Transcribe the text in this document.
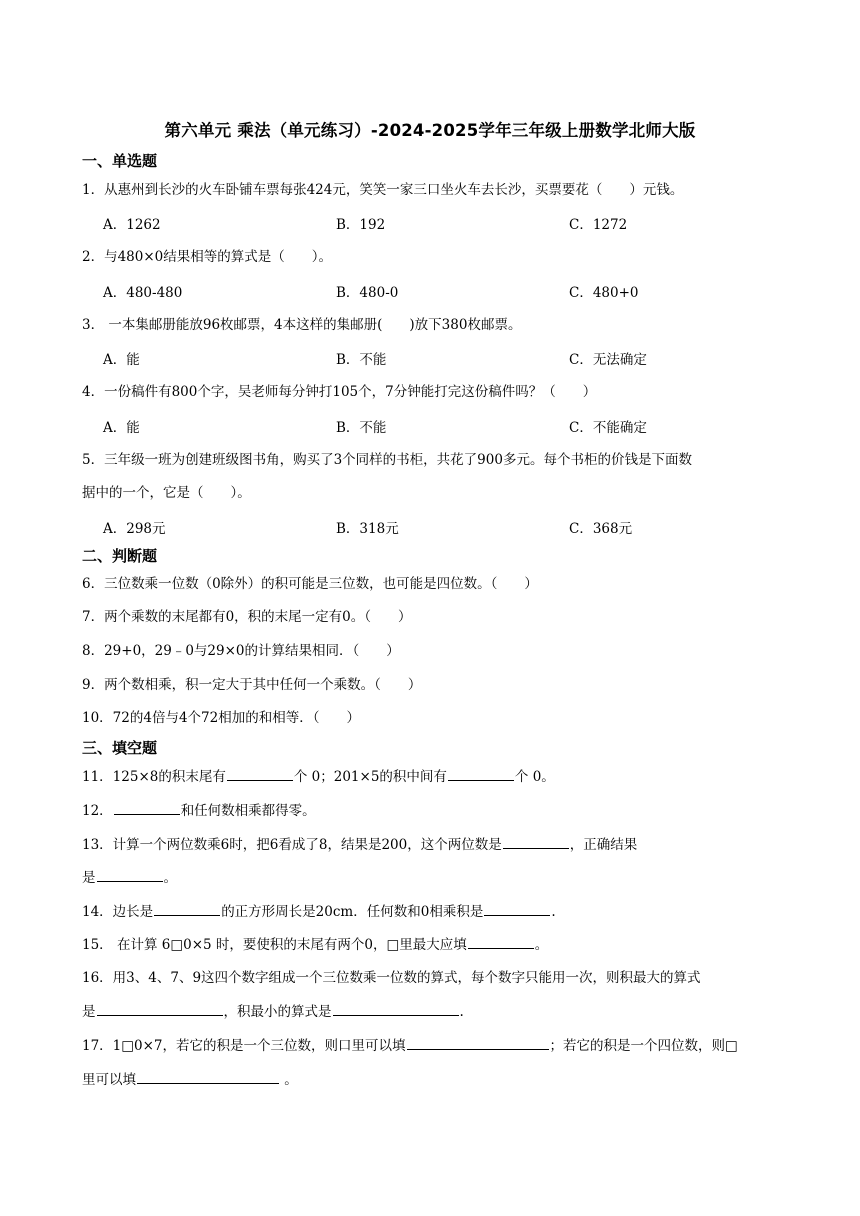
第六单元 乘法（单元练习）-2024-2025学年三年级上册数学北师大版
一、单选题
1．从惠州到长沙的火车卧铺车票每张424元，笑笑一家三口坐火车去长沙，买票要花（　　）元钱。
A．1262	B．192	C．1272
2．与480×0结果相等的算式是（　　）。
A．480-480	B．480-0	C．480+0
3． 一本集邮册能放96枚邮票，4本这样的集邮册(　　)放下380枚邮票。
A．能	B．不能	C．无法确定
4．一份稿件有800个字，吴老师每分钟打105个，7分钟能打完这份稿件吗？（　　）
A．能	B．不能	C．不能确定
5．三年级一班为创建班级图书角，购买了3个同样的书柜，共花了900多元。每个书柜的价钱是下面数
据中的一个，它是（　　）。
A．298元	B．318元	C．368元
二、判断题
6．三位数乘一位数（0除外）的积可能是三位数，也可能是四位数。（　　）
7．两个乘数的末尾都有0，积的末尾一定有0。（　　）
8．29+0，29﹣0与29×0的计算结果相同．（　　）
9．两个数相乘，积一定大于其中任何一个乘数。（　　）
10．72的4倍与4个72相加的和相等．（　　）
三、填空题
11．125×8的积末尾有	个 0；201×5的积中间有	个 0。
12．	和任何数相乘都得零。
13．计算一个两位数乘6时，把6看成了8，结果是200，这个两位数是	，正确结果
是	。
14．边长是	的正方形周长是20cm．任何数和0相乘积是	.
15． 在计算 6□0×5 时，要使积的末尾有两个0，□里最大应填	。
16．用3、4、7、9这四个数字组成一个三位数乘一位数的算式，每个数字只能用一次，则积最大的算式
是	，积最小的算式是	.
17．1□0×7，若它的积是一个三位数，则口里可以填	；若它的积是一个四位数，则□
里可以填	。
